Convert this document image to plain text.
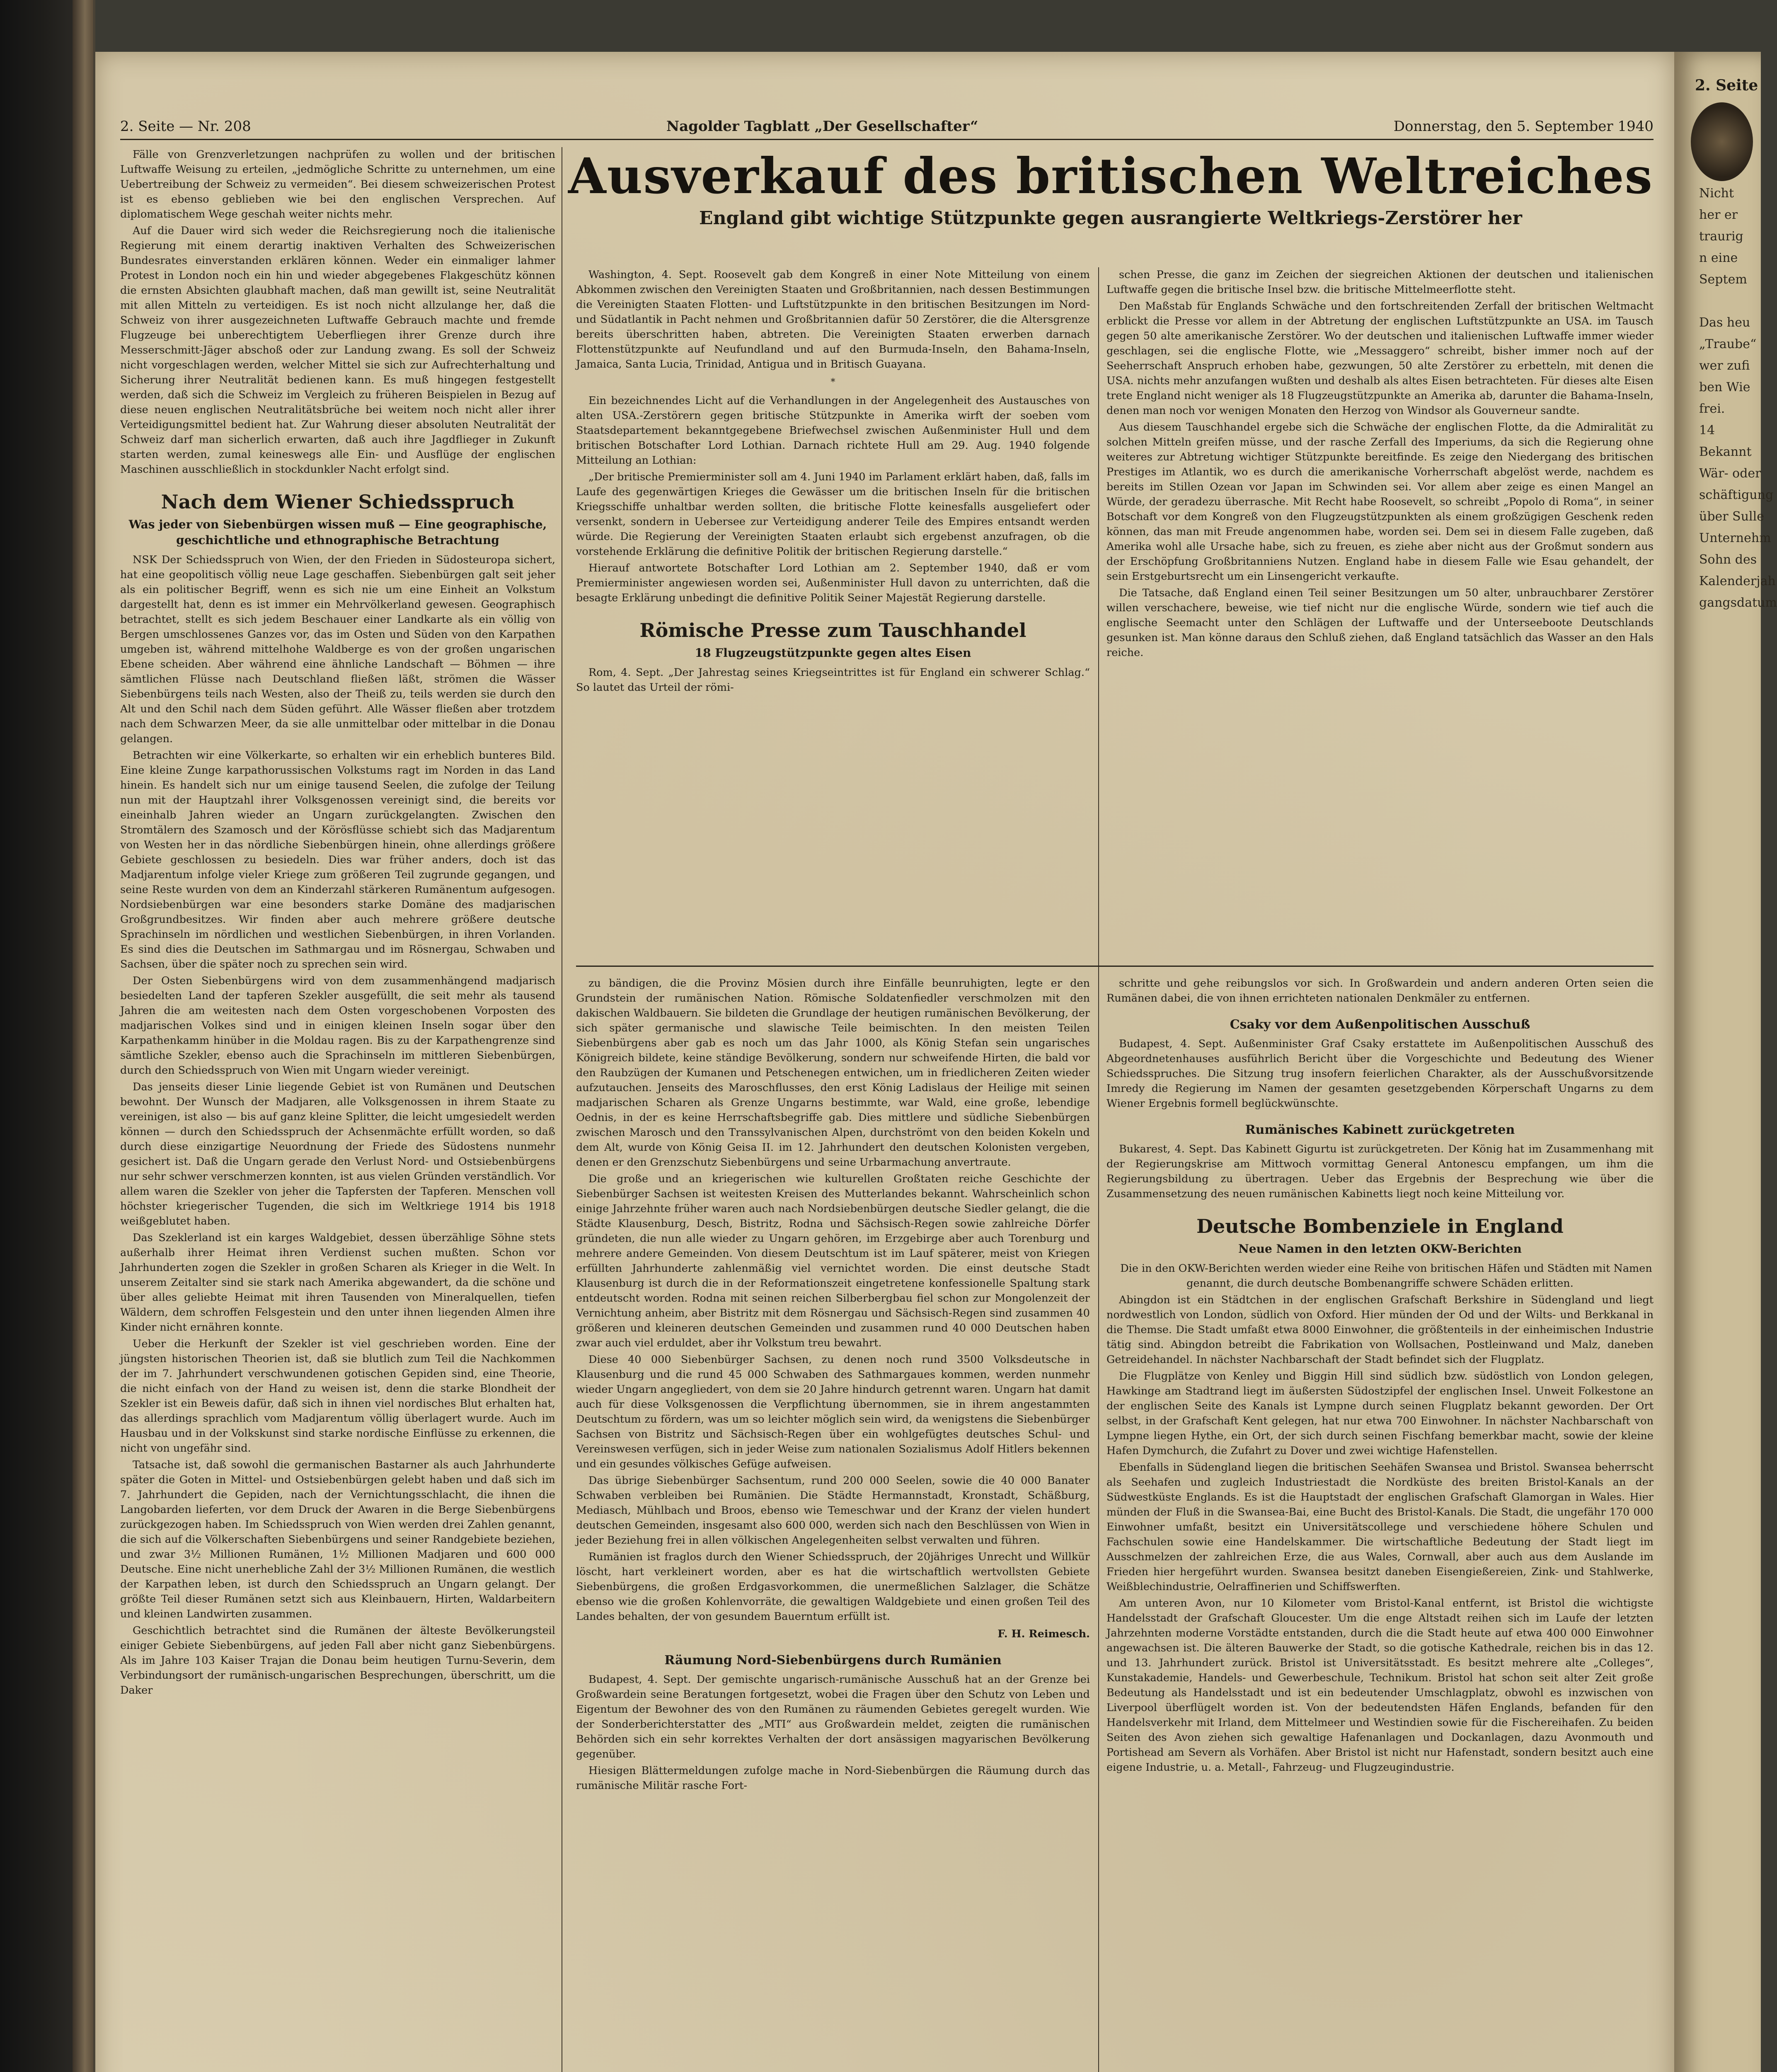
2. Seite — Nr. 208	Nagolder Tagblatt „Der Gesellschafter“	Donnerstag, den 5. September 1940

Fälle von Grenzverletzungen nachprüfen zu wollen und der britischen Luftwaffe Weisung zu erteilen, „jedmögliche Schritte zu unternehmen, um eine Uebertreibung der Schweiz zu vermeiden“. Bei diesem schweizerischen Protest ist es ebenso geblieben wie bei den englischen Versprechen. Auf diplomatischem Wege geschah weiter nichts mehr.

Auf die Dauer wird sich weder die Reichsregierung noch die italienische Regierung mit einem derartig inaktiven Verhalten des Schweizerischen Bundesrates einverstanden erklären können. Weder ein einmaliger lahmer Protest in London noch ein hin und wieder abgegebenes Flakgeschütz können die ernsten Absichten glaubhaft machen, daß man gewillt ist, seine Neutralität mit allen Mitteln zu verteidigen. Es ist noch nicht allzulange her, daß die Schweiz von ihrer ausgezeichneten Luftwaffe Gebrauch machte und fremde Flugzeuge bei unberechtigtem Ueberfliegen ihrer Grenze durch ihre Messerschmitt-Jäger abschoß oder zur Landung zwang. Es soll der Schweiz nicht vorgeschlagen werden, welcher Mittel sie sich zur Aufrechterhaltung und Sicherung ihrer Neutralität bedienen kann. Es muß hingegen festgestellt werden, daß sich die Schweiz im Vergleich zu früheren Beispielen in Bezug auf diese neuen englischen Neutralitätsbrüche bei weitem noch nicht aller ihrer Verteidigungsmittel bedient hat. Zur Wahrung dieser absoluten Neutralität der Schweiz darf man sicherlich erwarten, daß auch ihre Jagdflieger in Zukunft starten werden, zumal keineswegs alle Ein- und Ausflüge der englischen Maschinen ausschließlich in stockdunkler Nacht erfolgt sind.

Nach dem Wiener Schiedsspruch
Was jeder von Siebenbürgen wissen muß — Eine geographische, geschichtliche und ethnographische Betrachtung

NSK Der Schiedsspruch von Wien, der den Frieden in Südosteuropa sichert, hat eine geopolitisch völlig neue Lage geschaffen. Siebenbürgen galt seit jeher als ein politischer Begriff, wenn es sich nie um eine Einheit an Volkstum dargestellt hat, denn es ist immer ein Mehrvölkerland gewesen. Geographisch betrachtet, stellt es sich jedem Beschauer einer Landkarte als ein völlig von Bergen umschlossenes Ganzes vor, das im Osten und Süden von den Karpathen umgeben ist, während mittelhohe Waldberge es von der großen ungarischen Ebene scheiden. Aber während eine ähnliche Landschaft — Böhmen — ihre sämtlichen Flüsse nach Deutschland fließen läßt, strömen die Wässer Siebenbürgens teils nach Westen, also der Theiß zu, teils werden sie durch den Alt und den Schil nach dem Süden geführt. Alle Wässer fließen aber trotzdem nach dem Schwarzen Meer, da sie alle unmittelbar oder mittelbar in die Donau gelangen.

Betrachten wir eine Völkerkarte, so erhalten wir ein erheblich bunteres Bild. Eine kleine Zunge karpathorussischen Volkstums ragt im Norden in das Land hinein. Es handelt sich nur um einige tausend Seelen, die zufolge der Teilung nun mit der Hauptzahl ihrer Volksgenossen vereinigt sind, die bereits vor eineinhalb Jahren wieder an Ungarn zurückgelangten. Zwischen den Stromtälern des Szamosch und der Körösflüsse schiebt sich das Madjarentum von Westen her in das nördliche Siebenbürgen hinein, ohne allerdings größere Gebiete geschlossen zu besiedeln. Dies war früher anders, doch ist das Madjarentum infolge vieler Kriege zum größeren Teil zugrunde gegangen, und seine Reste wurden von dem an Kinderzahl stärkeren Rumänentum aufgesogen. Nordsiebenbürgen war eine besonders starke Domäne des madjarischen Großgrundbesitzes. Wir finden aber auch mehrere größere deutsche Sprachinseln im nördlichen und westlichen Siebenbürgen, in ihren Vorlanden. Es sind dies die Deutschen im Sathmargau und im Rösnergau, Schwaben und Sachsen, über die später noch zu sprechen sein wird.

Der Osten Siebenbürgens wird von dem zusammenhängend madjarisch besiedelten Land der tapferen Szekler ausgefüllt, die seit mehr als tausend Jahren die am weitesten nach dem Osten vorgeschobenen Vorposten des madjarischen Volkes sind und in einigen kleinen Inseln sogar über den Karpathenkamm hinüber in die Moldau ragen. Bis zu der Karpathengrenze sind sämtliche Szekler, ebenso auch die Sprachinseln im mittleren Siebenbürgen, durch den Schiedsspruch von Wien mit Ungarn wieder vereinigt.

Das jenseits dieser Linie liegende Gebiet ist von Rumänen und Deutschen bewohnt. Der Wunsch der Madjaren, alle Volksgenossen in ihrem Staate zu vereinigen, ist also — bis auf ganz kleine Splitter, die leicht umgesiedelt werden können — durch den Schiedsspruch der Achsenmächte erfüllt worden, so daß durch diese einzigartige Neuordnung der Friede des Südostens nunmehr gesichert ist. Daß die Ungarn gerade den Verlust Nord- und Ostsiebenbürgens nur sehr schwer verschmerzen konnten, ist aus vielen Gründen verständlich. Vor allem waren die Szekler von jeher die Tapfersten der Tapferen. Menschen voll höchster kriegerischer Tugenden, die sich im Weltkriege 1914 bis 1918 weißgeblutet haben.

Das Szeklerland ist ein karges Waldgebiet, dessen überzählige Söhne stets außerhalb ihrer Heimat ihren Verdienst suchen mußten. Schon vor Jahrhunderten zogen die Szekler in großen Scharen als Krieger in die Welt. In unserem Zeitalter sind sie stark nach Amerika abgewandert, da die schöne und über alles geliebte Heimat mit ihren Tausenden von Mineralquellen, tiefen Wäldern, dem schroffen Felsgestein und den unter ihnen liegenden Almen ihre Kinder nicht ernähren konnte.

Ueber die Herkunft der Szekler ist viel geschrieben worden. Eine der jüngsten historischen Theorien ist, daß sie blutlich zum Teil die Nachkommen der im 7. Jahrhundert verschwundenen gotischen Gepiden sind, eine Theorie, die nicht einfach von der Hand zu weisen ist, denn die starke Blondheit der Szekler ist ein Beweis dafür, daß sich in ihnen viel nordisches Blut erhalten hat, das allerdings sprachlich vom Madjarentum völlig überlagert wurde. Auch im Hausbau und in der Volkskunst sind starke nordische Einflüsse zu erkennen, die nicht von ungefähr sind.

Tatsache ist, daß sowohl die germanischen Bastarner als auch Jahrhunderte später die Goten in Mittel- und Ostsiebenbürgen gelebt haben und daß sich im 7. Jahrhundert die Gepiden, nach der Vernichtungsschlacht, die ihnen die Langobarden lieferten, vor dem Druck der Awaren in die Berge Siebenbürgens zurückgezogen haben. Im Schiedsspruch von Wien werden drei Zahlen genannt, die sich auf die Völkerschaften Siebenbürgens und seiner Randgebiete beziehen, und zwar 3½ Millionen Rumänen, 1½ Millionen Madjaren und 600 000 Deutsche. Eine nicht unerhebliche Zahl der 3½ Millionen Rumänen, die westlich der Karpathen leben, ist durch den Schiedsspruch an Ungarn gelangt. Der größte Teil dieser Rumänen setzt sich aus Kleinbauern, Hirten, Waldarbeitern und kleinen Landwirten zusammen.

Geschichtlich betrachtet sind die Rumänen der älteste Bevölkerungsteil einiger Gebiete Siebenbürgens, auf jeden Fall aber nicht ganz Siebenbürgens. Als im Jahre 103 Kaiser Trajan die Donau beim heutigen Turnu-Severin, dem Verbindungsort der rumänisch-ungarischen Besprechungen, überschritt, um die Daker

Ausverkauf des britischen Weltreiches
England gibt wichtige Stützpunkte gegen ausrangierte Weltkriegs-Zerstörer her

Washington, 4. Sept. Roosevelt gab dem Kongreß in einer Note Mitteilung von einem Abkommen zwischen den Vereinigten Staaten und Großbritannien, nach dessen Bestimmungen die Vereinigten Staaten Flotten- und Luftstützpunkte in den britischen Besitzungen im Nord- und Südatlantik in Pacht nehmen und Großbritannien dafür 50 Zerstörer, die die Altersgrenze bereits überschritten haben, abtreten. Die Vereinigten Staaten erwerben darnach Flottenstützpunkte auf Neufundland und auf den Burmuda-Inseln, den Bahama-Inseln, Jamaica, Santa Lucia, Trinidad, Antigua und in Britisch Guayana.

*

Ein bezeichnendes Licht auf die Verhandlungen in der Angelegenheit des Austausches von alten USA.-Zerstörern gegen britische Stützpunkte in Amerika wirft der soeben vom Staatsdepartement bekanntgegebene Briefwechsel zwischen Außenminister Hull und dem britischen Botschafter Lord Lothian. Darnach richtete Hull am 29. Aug. 1940 folgende Mitteilung an Lothian:

„Der britische Premierminister soll am 4. Juni 1940 im Parlament erklärt haben, daß, falls im Laufe des gegenwärtigen Krieges die Gewässer um die britischen Inseln für die britischen Kriegsschiffe unhaltbar werden sollten, die britische Flotte keinesfalls ausgeliefert oder versenkt, sondern in Uebersee zur Verteidigung anderer Teile des Empires entsandt werden würde. Die Regierung der Vereinigten Staaten erlaubt sich ergebenst anzufragen, ob die vorstehende Erklärung die definitive Politik der britischen Regierung darstelle.“

Hierauf antwortete Botschafter Lord Lothian am 2. September 1940, daß er vom Premierminister angewiesen worden sei, Außenminister Hull davon zu unterrichten, daß die besagte Erklärung unbedingt die definitive Politik Seiner Majestät Regierung darstelle.

Römische Presse zum Tauschhandel
18 Flugzeugstützpunkte gegen altes Eisen

Rom, 4. Sept. „Der Jahrestag seines Kriegseintrittes ist für England ein schwerer Schlag.“ So lautet das Urteil der römi-

schen Presse, die ganz im Zeichen der siegreichen Aktionen der deutschen und italienischen Luftwaffe gegen die britische Insel bzw. die britische Mittelmeerflotte steht.

Den Maßstab für Englands Schwäche und den fortschreitenden Zerfall der britischen Weltmacht erblickt die Presse vor allem in der Abtretung der englischen Luftstützpunkte an USA. im Tausch gegen 50 alte amerikanische Zerstörer. Wo der deutschen und italienischen Luftwaffe immer wieder geschlagen, sei die englische Flotte, wie „Messaggero“ schreibt, bisher immer noch auf der Seeherrschaft Anspruch erhoben habe, gezwungen, 50 alte Zerstörer zu erbetteln, mit denen die USA. nichts mehr anzufangen wußten und deshalb als altes Eisen betrachteten. Für dieses alte Eisen trete England nicht weniger als 18 Flugzeugstützpunkte an Amerika ab, darunter die Bahama-Inseln, denen man noch vor wenigen Monaten den Herzog von Windsor als Gouverneur sandte.

Aus diesem Tauschhandel ergebe sich die Schwäche der englischen Flotte, da die Admiralität zu solchen Mitteln greifen müsse, und der rasche Zerfall des Imperiums, da sich die Regierung ohne weiteres zur Abtretung wichtiger Stützpunkte bereitfinde. Es zeige den Niedergang des britischen Prestiges im Atlantik, wo es durch die amerikanische Vorherrschaft abgelöst werde, nachdem es bereits im Stillen Ozean vor Japan im Schwinden sei. Vor allem aber zeige es einen Mangel an Würde, der geradezu überrasche. Mit Recht habe Roosevelt, so schreibt „Popolo di Roma“, in seiner Botschaft vor dem Kongreß von den Flugzeugstützpunkten als einem großzügigen Geschenk reden können, das man mit Freude angenommen habe, worden sei. Dem sei in diesem Falle zugeben, daß Amerika wohl alle Ursache habe, sich zu freuen, es ziehe aber nicht aus der Großmut sondern aus der Erschöpfung Großbritanniens Nutzen. England habe in diesem Falle wie Esau gehandelt, der sein Erstgeburtsrecht um ein Linsengericht verkaufte.

Die Tatsache, daß England einen Teil seiner Besitzungen um 50 alter, unbrauchbarer Zerstörer willen verschachere, beweise, wie tief nicht nur die englische Würde, sondern wie tief auch die englische Seemacht unter den Schlägen der Luftwaffe und der Unterseeboote Deutschlands gesunken ist. Man könne daraus den Schluß ziehen, daß England tatsächlich das Wasser an den Hals reiche.

zu bändigen, die die Provinz Mösien durch ihre Einfälle beunruhigten, legte er den Grundstein der rumänischen Nation. Römische Soldatenfiedler verschmolzen mit den dakischen Waldbauern. Sie bildeten die Grundlage der heutigen rumänischen Bevölkerung, der sich später germanische und slawische Teile beimischten. In den meisten Teilen Siebenbürgens aber gab es noch um das Jahr 1000, als König Stefan sein ungarisches Königreich bildete, keine ständige Bevölkerung, sondern nur schweifende Hirten, die bald vor den Raubzügen der Kumanen und Petschenegen entwichen, um in friedlicheren Zeiten wieder aufzutauchen. Jenseits des Maroschflusses, den erst König Ladislaus der Heilige mit seinen madjarischen Scharen als Grenze Ungarns bestimmte, war Wald, eine große, lebendige Oednis, in der es keine Herrschaftsbegriffe gab. Dies mittlere und südliche Siebenbürgen zwischen Marosch und den Transsylvanischen Alpen, durchströmt von den beiden Kokeln und dem Alt, wurde von König Geisa II. im 12. Jahrhundert den deutschen Kolonisten vergeben, denen er den Grenzschutz Siebenbürgens und seine Urbarmachung anvertraute.

Die große und an kriegerischen wie kulturellen Großtaten reiche Geschichte der Siebenbürger Sachsen ist weitesten Kreisen des Mutterlandes bekannt. Wahrscheinlich schon einige Jahrzehnte früher waren auch nach Nordsiebenbürgen deutsche Siedler gelangt, die die Städte Klausenburg, Desch, Bistritz, Rodna und Sächsisch-Regen sowie zahlreiche Dörfer gründeten, die nun alle wieder zu Ungarn gehören, im Erzgebirge aber auch Torenburg und mehrere andere Gemeinden. Von diesem Deutschtum ist im Lauf späterer, meist von Kriegen erfüllten Jahrhunderte zahlenmäßig viel vernichtet worden. Die einst deutsche Stadt Klausenburg ist durch die in der Reformationszeit eingetretene konfessionelle Spaltung stark entdeutscht worden. Rodna mit seinen reichen Silberbergbau fiel schon zur Mongolenzeit der Vernichtung anheim, aber Bistritz mit dem Rösnergau und Sächsisch-Regen sind zusammen 40 größeren und kleineren deutschen Gemeinden und zusammen rund 40 000 Deutschen haben zwar auch viel erduldet, aber ihr Volkstum treu bewahrt.

Diese 40 000 Siebenbürger Sachsen, zu denen noch rund 3500 Volksdeutsche in Klausenburg und die rund 45 000 Schwaben des Sathmargaues kommen, werden nunmehr wieder Ungarn angegliedert, von dem sie 20 Jahre hindurch getrennt waren. Ungarn hat damit auch für diese Volksgenossen die Verpflichtung übernommen, sie in ihrem angestammten Deutschtum zu fördern, was um so leichter möglich sein wird, da wenigstens die Siebenbürger Sachsen von Bistritz und Sächsisch-Regen über ein wohlgefügtes deutsches Schul- und Vereinswesen verfügen, sich in jeder Weise zum nationalen Sozialismus Adolf Hitlers bekennen und ein gesundes völkisches Gefüge aufweisen.

Das übrige Siebenbürger Sachsentum, rund 200 000 Seelen, sowie die 40 000 Banater Schwaben verbleiben bei Rumänien. Die Städte Hermannstadt, Kronstadt, Schäßburg, Mediasch, Mühlbach und Broos, ebenso wie Temeschwar und der Kranz der vielen hundert deutschen Gemeinden, insgesamt also 600 000, werden sich nach den Beschlüssen von Wien in jeder Beziehung frei in allen völkischen Angelegenheiten selbst verwalten und führen.

Rumänien ist fraglos durch den Wiener Schiedsspruch, der 20jähriges Unrecht und Willkür löscht, hart verkleinert worden, aber es hat die wirtschaftlich wertvollsten Gebiete Siebenbürgens, die großen Erdgasvorkommen, die unermeßlichen Salzlager, die Schätze ebenso wie die großen Kohlenvorräte, die gewaltigen Waldgebiete und einen großen Teil des Landes behalten, der von gesundem Bauerntum erfüllt ist.

F. H. Reimesch.
Räumung Nord-Siebenbürgens durch Rumänien

Budapest, 4. Sept. Der gemischte ungarisch-rumänische Ausschuß hat an der Grenze bei Großwardein seine Beratungen fortgesetzt, wobei die Fragen über den Schutz von Leben und Eigentum der Bewohner des von den Rumänen zu räumenden Gebietes geregelt wurden. Wie der Sonderberichterstatter des „MTI“ aus Großwardein meldet, zeigten die rumänischen Behörden sich ein sehr korrektes Verhalten der dort ansässigen magyarischen Bevölkerung gegenüber.

Hiesigen Blättermeldungen zufolge mache in Nord-Siebenbürgen die Räumung durch das rumänische Militär rasche Fort-

schritte und gehe reibungslos vor sich. In Großwardein und andern anderen Orten seien die Rumänen dabei, die von ihnen errichteten nationalen Denkmäler zu entfernen.

Csaky vor dem Außenpolitischen Ausschuß

Budapest, 4. Sept. Außenminister Graf Csaky erstattete im Außenpolitischen Ausschuß des Abgeordnetenhauses ausführlich Bericht über die Vorgeschichte und Bedeutung des Wiener Schiedsspruches. Die Sitzung trug insofern feierlichen Charakter, als der Ausschußvorsitzende Imredy die Regierung im Namen der gesamten gesetzgebenden Körperschaft Ungarns zu dem Wiener Ergebnis formell beglückwünschte.

Rumänisches Kabinett zurückgetreten

Bukarest, 4. Sept. Das Kabinett Gigurtu ist zurückgetreten. Der König hat im Zusammenhang mit der Regierungskrise am Mittwoch vormittag General Antonescu empfangen, um ihm die Regierungsbildung zu übertragen. Ueber das Ergebnis der Besprechung wie über die Zusammensetzung des neuen rumänischen Kabinetts liegt noch keine Mitteilung vor.

Deutsche Bombenziele in England
Neue Namen in den letzten OKW-Berichten

Die in den OKW-Berichten werden wieder eine Reihe von britischen Häfen und Städten mit Namen genannt, die durch deutsche Bombenangriffe schwere Schäden erlitten.

Abingdon ist ein Städtchen in der englischen Grafschaft Berkshire in Südengland und liegt nordwestlich von London, südlich von Oxford. Hier münden der Od und der Wilts- und Berkkanal in die Themse. Die Stadt umfaßt etwa 8000 Einwohner, die größtenteils in der einheimischen Industrie tätig sind. Abingdon betreibt die Fabrikation von Wollsachen, Postleinwand und Malz, daneben Getreidehandel. In nächster Nachbarschaft der Stadt befindet sich der Flugplatz.

Die Flugplätze von Kenley und Biggin Hill sind südlich bzw. südöstlich von London gelegen, Hawkinge am Stadtrand liegt im äußersten Südostzipfel der englischen Insel. Unweit Folkestone an der englischen Seite des Kanals ist Lympne durch seinen Flugplatz bekannt geworden. Der Ort selbst, in der Grafschaft Kent gelegen, hat nur etwa 700 Einwohner. In nächster Nachbarschaft von Lympne liegen Hythe, ein Ort, der sich durch seinen Fischfang bemerkbar macht, sowie der kleine Hafen Dymchurch, die Zufahrt zu Dover und zwei wichtige Hafenstellen.

Ebenfalls in Südengland liegen die britischen Seehäfen Swansea und Bristol. Swansea beherrscht als Seehafen und zugleich Industriestadt die Nordküste des breiten Bristol-Kanals an der Südwestküste Englands. Es ist die Hauptstadt der englischen Grafschaft Glamorgan in Wales. Hier münden der Fluß in die Swansea-Bai, eine Bucht des Bristol-Kanals. Die Stadt, die ungefähr 170 000 Einwohner umfaßt, besitzt ein Universitätscollege und verschiedene höhere Schulen und Fachschulen sowie eine Handelskammer. Die wirtschaftliche Bedeutung der Stadt liegt im Ausschmelzen der zahlreichen Erze, die aus Wales, Cornwall, aber auch aus dem Auslande im Frieden hier hergeführt wurden. Swansea besitzt daneben Eisengießereien, Zink- und Stahlwerke, Weißblechindustrie, Oelraffinerien und Schiffswerften.

Am unteren Avon, nur 10 Kilometer vom Bristol-Kanal entfernt, ist Bristol die wichtigste Handelsstadt der Grafschaft Gloucester. Um die enge Altstadt reihen sich im Laufe der letzten Jahrzehnten moderne Vorstädte entstanden, durch die die Stadt heute auf etwa 400 000 Einwohner angewachsen ist. Die älteren Bauwerke der Stadt, so die gotische Kathedrale, reichen bis in das 12. und 13. Jahrhundert zurück. Bristol ist Universitätsstadt. Es besitzt mehrere alte „Colleges“, Kunstakademie, Handels- und Gewerbeschule, Technikum. Bristol hat schon seit alter Zeit große Bedeutung als Handelsstadt und ist ein bedeutender Umschlagplatz, obwohl es inzwischen von Liverpool überflügelt worden ist. Von der bedeutendsten Häfen Englands, befanden für den Handelsverkehr mit Irland, dem Mittelmeer und Westindien sowie für die Fischereihafen. Zu beiden Seiten des Avon ziehen sich gewaltige Hafenanlagen und Dockanlagen, dazu Avonmouth und Portishead am Severn als Vorhäfen. Aber Bristol ist nicht nur Hafenstadt, sondern besitzt auch eine eigene Industrie, u. a. Metall-, Fahrzeug- und Flugzeugindustrie.

2. Seite
Nicht
her er
traurig
n eine
Septem

Das heu
„Traube“
wer zufi
ben Wie
frei.
14
Bekannt
Wär- oder
schäftigung
über Sulle
Unternehm
Sohn des
Kalenderjah
gangsdatum
